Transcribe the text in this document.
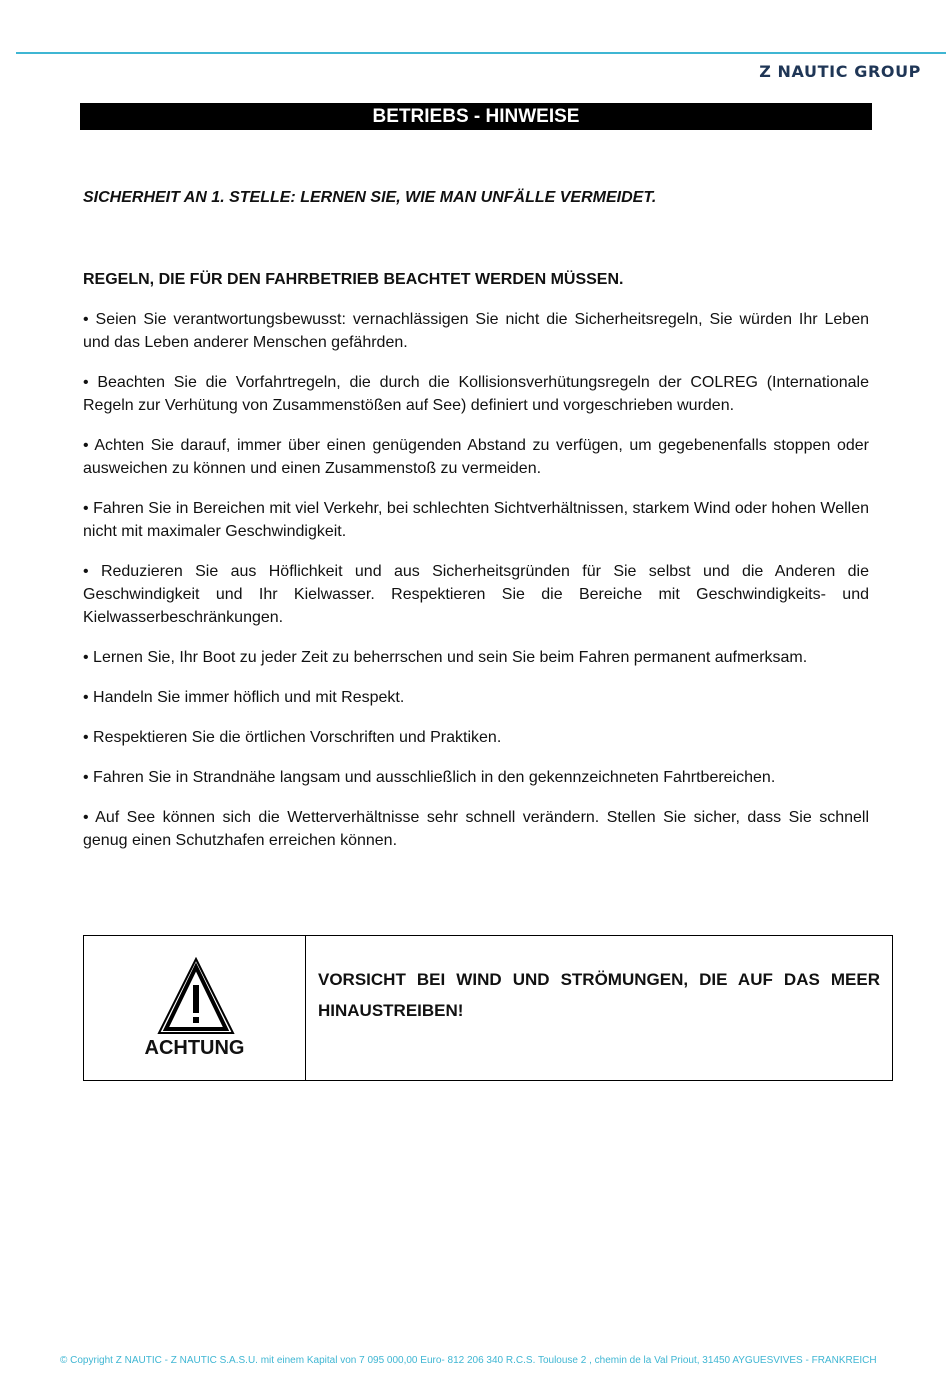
Z NAUTIC GROUP
BETRIEBS - HINWEISE
SICHERHEIT AN 1. STELLE: LERNEN SIE, WIE MAN UNFÄLLE VERMEIDET.
REGELN, DIE FÜR DEN FAHRBETRIEB BEACHTET WERDEN MÜSSEN.
• Seien Sie verantwortungsbewusst: vernachlässigen Sie nicht die Sicherheitsregeln, Sie würden Ihr Leben und das Leben anderer Menschen gefährden.
• Beachten Sie die Vorfahrtregeln, die durch die Kollisionsverhütungsregeln der COLREG (Internationale Regeln zur Verhütung von Zusammenstößen auf See) definiert und vorgeschrieben wurden.
• Achten Sie darauf, immer über einen genügenden Abstand zu verfügen, um gegebenenfalls stoppen oder ausweichen zu können und einen Zusammenstoß zu vermeiden.
• Fahren Sie in Bereichen mit viel Verkehr, bei schlechten Sichtverhältnissen, starkem Wind oder hohen Wellen nicht mit maximaler Geschwindigkeit.
• Reduzieren Sie aus Höflichkeit und aus Sicherheitsgründen für Sie selbst und die Anderen die Geschwindigkeit und Ihr Kielwasser. Respektieren Sie die Bereiche mit Geschwindigkeits- und Kielwasserbeschränkungen.
• Lernen Sie, Ihr Boot zu jeder Zeit zu beherrschen und sein Sie beim Fahren permanent aufmerksam.
• Handeln Sie immer höflich und mit Respekt.
• Respektieren Sie die örtlichen Vorschriften und Praktiken.
• Fahren Sie in Strandnähe langsam und ausschließlich in den gekennzeichneten Fahrtbereichen.
• Auf See können sich die Wetterverhältnisse sehr schnell verändern. Stellen Sie sicher, dass Sie schnell genug einen Schutzhafen erreichen können.
ACHTUNG
VORSICHT BEI WIND UND STRÖMUNGEN, DIE AUF DAS MEER HINAUSTREIBEN!
© Copyright Z NAUTIC - Z NAUTIC S.A.S.U. mit einem Kapital von 7 095 000,00 Euro- 812 206 340 R.C.S. Toulouse 2 , chemin de la Val Priout, 31450 AYGUESVIVES - FRANKREICH
